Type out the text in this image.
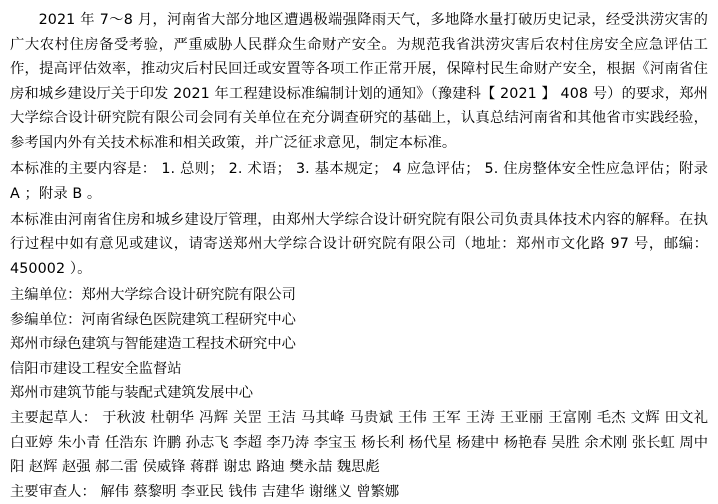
2021 年 7～8 月，河南省大部分地区遭遇极端强降雨天气，多地降水量打破历史记录，经受洪涝灾害的广大农村住房备受考验，严重威胁人民群众生命财产安全。为规范我省洪涝灾害后农村住房安全应急评估工作，提高评估效率，推动灾后村民回迁或安置等各项工作正常开展，保障村民生命财产安全，根据《河南省住房和城乡建设厅关于印发 2021 年工程建设标准编制计划的通知》（豫建科【 2021 】 408 号）的要求，郑州大学综合设计研究院有限公司会同有关单位在充分调查研究的基础上，认真总结河南省和其他省市实践经验，参考国内外有关技术标准和相关政策，并广泛征求意见，制定本标准。

本标准的主要内容是： 1. 总则； 2. 术语； 3. 基本规定； 4 应急评估； 5. 住房整体安全性应急评估；附录 A ；附录 B 。

本标准由河南省住房和城乡建设厅管理，由郑州大学综合设计研究院有限公司负责具体技术内容的解释。在执行过程中如有意见或建议，请寄送郑州大学综合设计研究院有限公司（地址：郑州市文化路 97 号，邮编： 450002 ）。

主编单位：郑州大学综合设计研究院有限公司

参编单位：河南省绿色医院建筑工程研究中心

郑州市绿色建筑与智能建造工程技术研究中心

信阳市建设工程安全监督站

郑州市建筑节能与装配式建筑发展中心

主要起草人： 于秋波 杜朝华 冯辉 关罡 王洁 马其峰 马贵斌 王伟 王军 王涛 王亚丽 王富刚 毛杰 文辉 田文礼 白亚婷 朱小青 任浩东 许鹏 孙志飞 李超 李乃涛 李宝玉 杨长利 杨代星 杨建中 杨艳春 吴胜 余术刚 张长虹 周中阳 赵辉 赵强 郝二雷 侯威锋 蒋群 谢忠 路迪 樊永喆 魏思彪

主要审查人： 解伟 蔡黎明 李亚民 钱伟 吉建华 谢继义 曾繁娜
